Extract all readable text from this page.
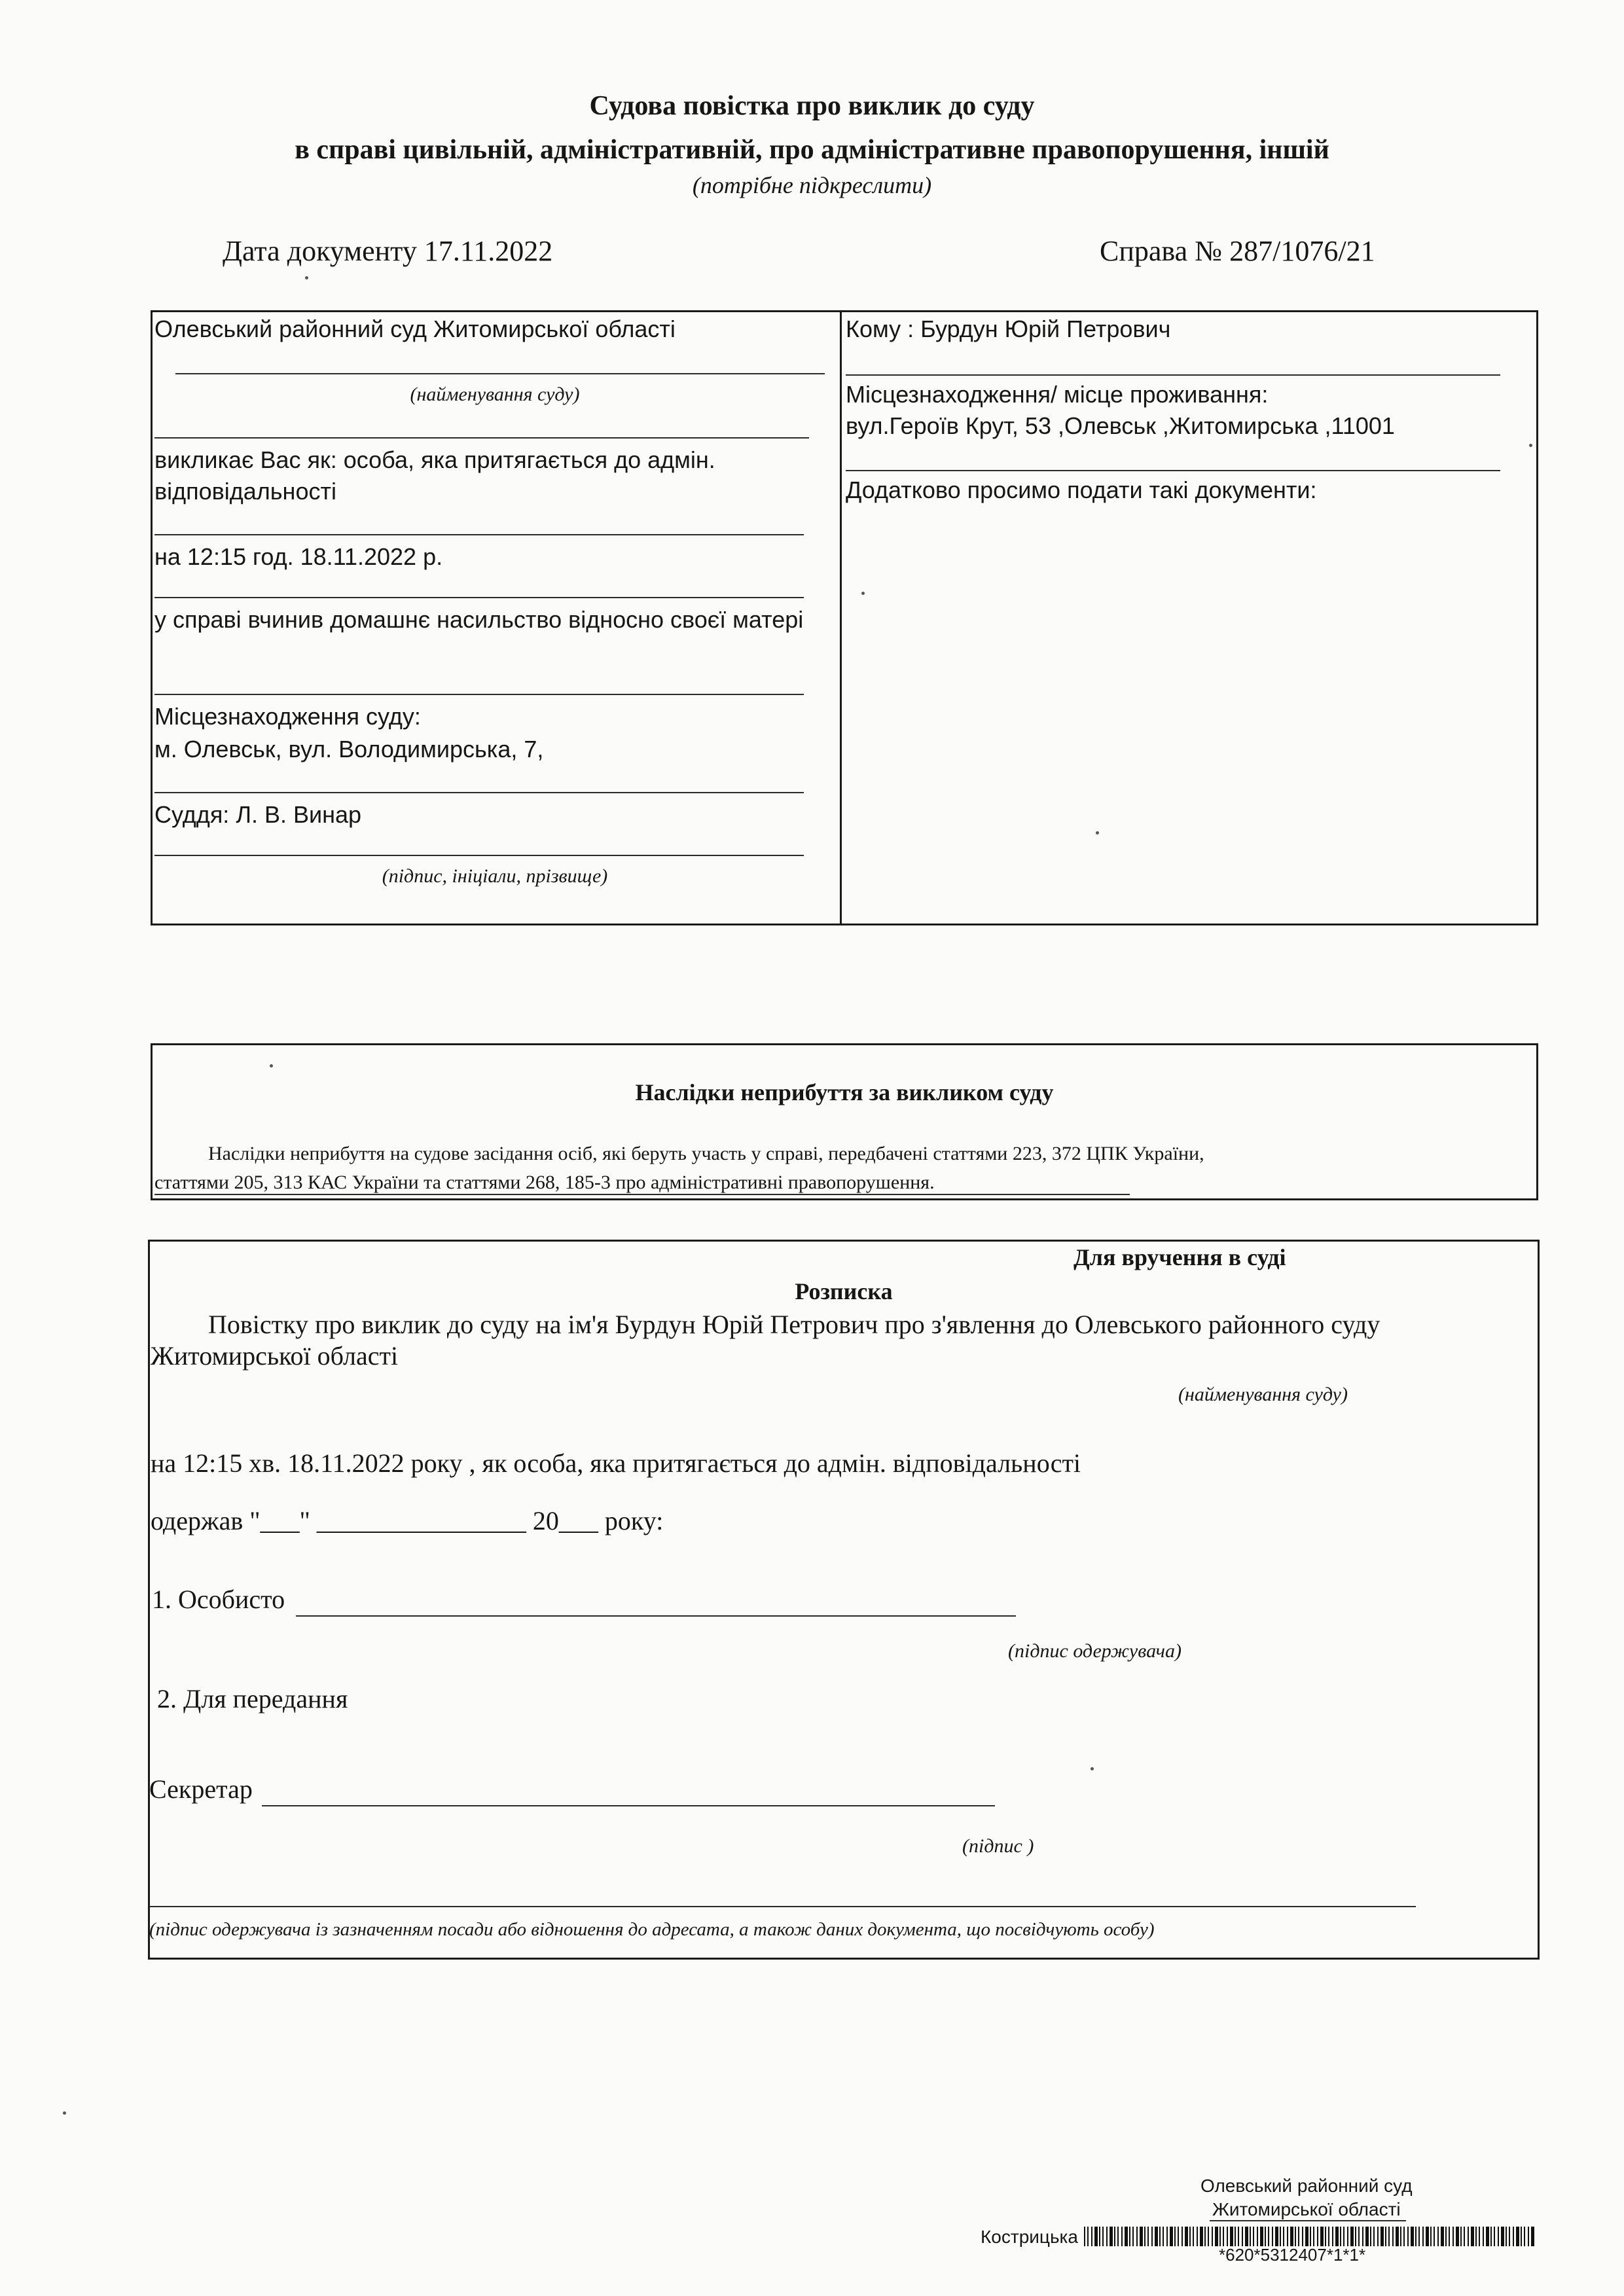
Судова повістка про виклик до суду
в справі цивільній, адміністративній, про адміністративне правопорушення, іншій
(потрібне підкреслити)
Дата документу 17.11.2022	Справа № 287/1076/21
Олевський районний суд Житомирської області
(найменування суду)
викликає Вас як: особа, яка притягається до адмін.
відповідальності
на 12:15 год. 18.11.2022 р.
у справі вчинив домашнє насильство відносно своєї матері
Місцезнаходження суду:
м. Олевськ, вул. Володимирська, 7,
Суддя: Л. В. Винар
(підпис, ініціали, прізвище)
Кому : Бурдун Юрій Петрович
Місцезнаходження/ місце проживання:
вул.Героїв Крут, 53 ,Олевськ ,Житомирська ,11001
Додатково просимо подати такі документи:
Наслідки неприбуття за викликом суду
Наслідки неприбуття на судове засідання осіб, які беруть участь у справі, передбачені статтями 223, 372 ЦПК України,
статтями 205, 313 КАС України та статтями 268, 185-3 про адміністративні правопорушення.
Для вручення в суді
Розписка
Повістку про виклик до суду на ім'я Бурдун Юрій Петрович про з'явлення до Олевського районного суду
Житомирської області
(найменування суду)
на 12:15 хв. 18.11.2022 року , як особа, яка притягається до адмін. відповідальності
одержав "___" ________________ 20___ року:
1. Особисто
(підпис одержувача)
2. Для передання
Секретар
(підпис )
(підпис одержувача із зазначенням посади або відношення до адресата, а також даних документа, що посвідчують особу)
Олевський районний суд
Житомирської області
Кострицька
*620*5312407*1*1*
